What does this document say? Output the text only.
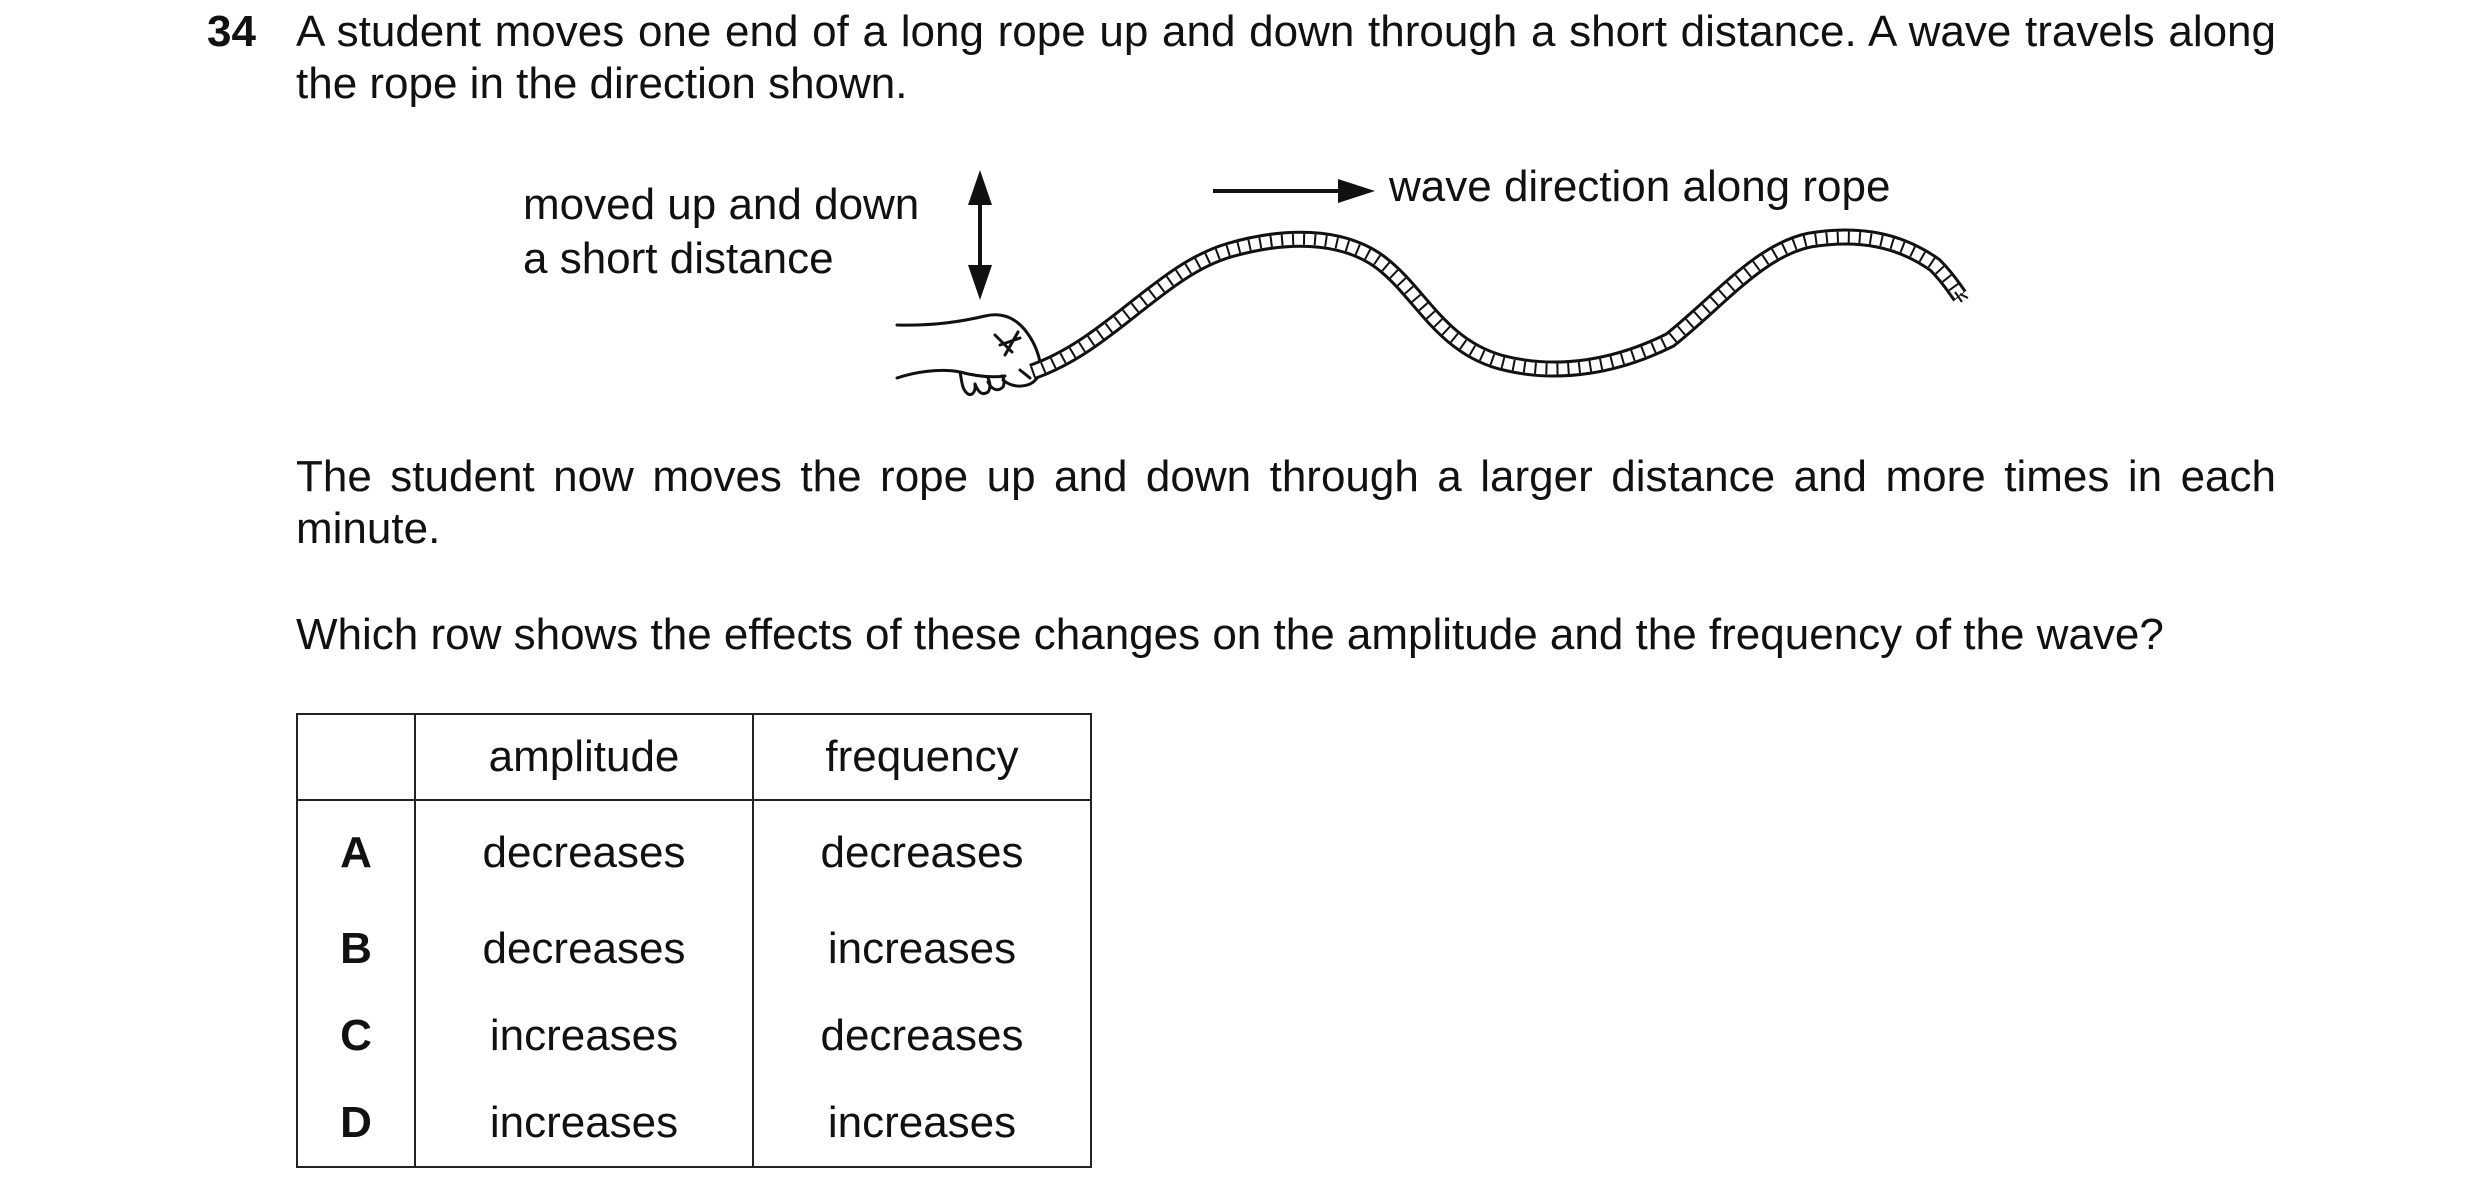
34 A student moves one end of a long rope up and down through a short distance. A wave travels along the rope in the direction shown.

moved up and down
a short distance
wave direction along rope

The student now moves the rope up and down through a larger distance and more times in each minute.

Which row shows the effects of these changes on the amplitude and the frequency of the wave?

	amplitude	frequency
A	decreases	decreases
B	decreases	increases
C	increases	decreases
D	increases	increases
